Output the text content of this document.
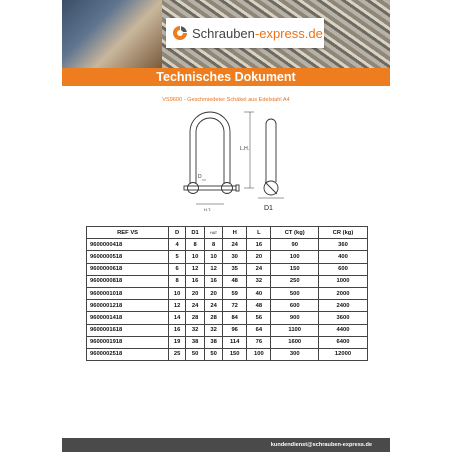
Schrauben-express.de
Technisches Dokument
VS9600 - Geschmiedeter Schäkel aus Edelstahl A4
L.H.
D
H.T.	D1
REF VS	D	D1	HAT	H	L	CT (kg)	CR (kg)
9600000418	4	8	8	24	16	90	360
9600000518	5	10	10	30	20	100	400
9600000618	6	12	12	35	24	150	600
9600000818	8	16	16	48	32	250	1000
9600001018	10	20	20	59	40	500	2000
9600001218	12	24	24	72	48	600	2400
9600001418	14	28	28	84	56	900	3600
9600001618	16	32	32	96	64	1100	4400
9600001918	19	38	38	114	76	1600	6400
9600002518	25	50	50	150	100	300	12000
kundendienst@schrauben-express.de
